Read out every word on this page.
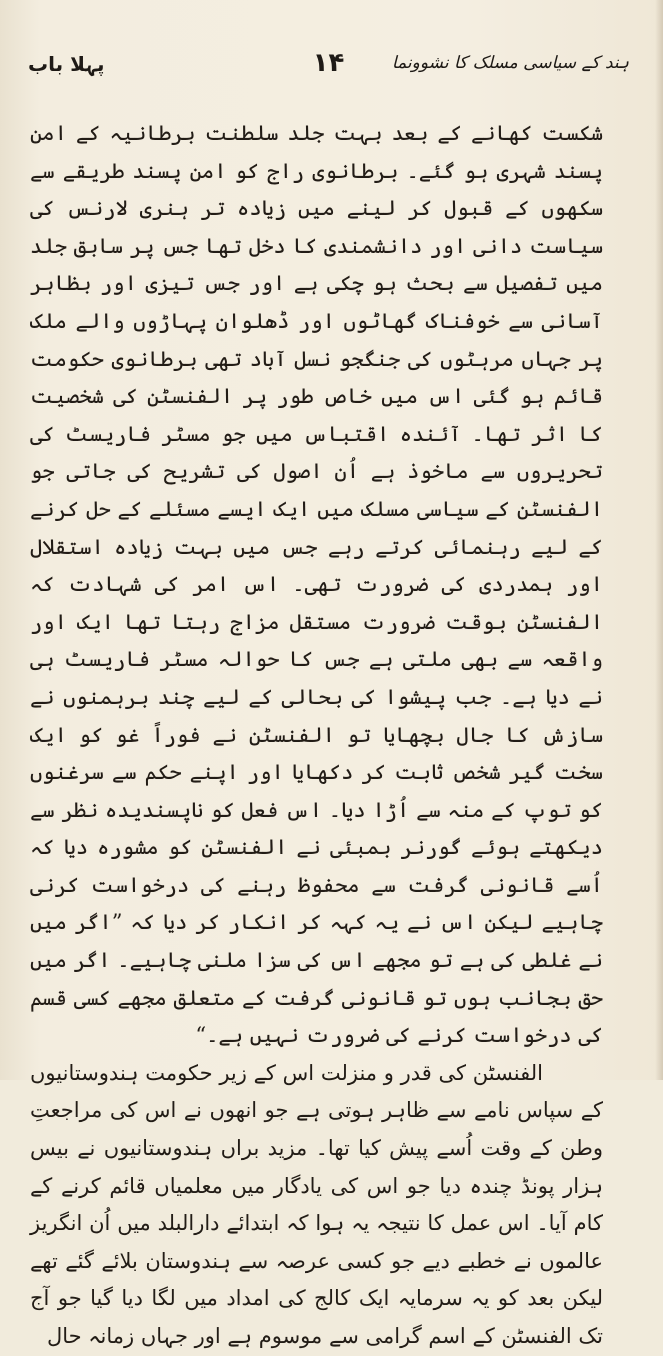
ہند کے سیاسی مسلک کا نشوونما
۱۴
پہلا باب

شکست کھانے کے بعد بہت جلد سلطنت برطانیہ کے امن پسند شہری ہو گئے۔ برطانوی راج کو امن پسند طریقے سے سکھوں کے قبول کر لینے میں زیادہ تر ہنری لارنس کی سیاست دانی اور دانشمندی کا دخل تھا جس پر سابق جلد میں تفصیل سے بحث ہو چکی ہے اور جس تیزی اور بظاہر آسانی سے خوفناک گھاٹوں اور ڈھلوان پہاڑوں والے ملک پر جہاں مرہٹوں کی جنگجو نسل آباد تھی برطانوی حکومت قائم ہو گئی اس میں خاص طور پر الفنسٹن کی شخصیت کا اثر تھا۔ آئندہ اقتباس میں جو مسٹر فاریسٹ کی تحریروں سے ماخوذ ہے اُن اصول کی تشریح کی جاتی جو الفنسٹن کے سیاسی مسلک میں ایک ایسے مسئلے کے حل کرنے کے لیے رہنمائی کرتے رہے جس میں بہت زیادہ استقلال اور ہمدردی کی ضرورت تھی۔ اس امر کی شہادت کہ الفنسٹن بوقت ضرورت مستقل مزاج رہتا تھا ایک اور واقعہ سے بھی ملتی ہے جس کا حوالہ مسٹر فاریسٹ ہی نے دیا ہے۔ جب پیشوا کی بحالی کے لیے چند برہمنوں نے سازش کا جال بچھایا تو الفنسٹن نے فوراً غو کو ایک سخت گیر شخص ثابت کر دکھایا اور اپنے حکم سے سرغنوں کو توپ کے منہ سے اُڑا دیا۔ اس فعل کو ناپسندیدہ نظر سے دیکھتے ہوئے گورنر بمبئی نے الفنسٹن کو مشورہ دیا کہ اُسے قانونی گرفت سے محفوظ رہنے کی درخواست کرنی چاہیے لیکن اس نے یہ کہہ کر انکار کر دیا کہ ”اگر میں نے غلطی کی ہے تو مجھے اس کی سزا ملنی چاہیے۔ اگر میں حق بجانب ہوں تو قانونی گرفت کے متعلق مجھے کسی قسم کی درخواست کرنے کی ضرورت نہیں ہے۔“

الفنسٹن کی قدر و منزلت اس کے زیر حکومت ہندوستانیوں کے سپاس نامے سے ظاہر ہوتی ہے جو انھوں نے اس کی مراجعتِ وطن کے وقت اُسے پیش کیا تھا۔ مزید براں ہندوستانیوں نے بیس ہزار پونڈ چندہ دیا جو اس کی یادگار میں معلمیاں قائم کرنے کے کام آیا۔ اس عمل کا نتیجہ یہ ہوا کہ ابتدائے دارالبلد میں اُن انگریز عالموں نے خطبے دیے جو کسی عرصہ سے ہندوستان بلائے گئے تھے لیکن بعد کو یہ سرمایہ ایک کالج کی امداد میں لگا دیا گیا جو آج تک الفنسٹن کے اسم گرامی سے موسوم ہے اور جہاں زمانہ حال
